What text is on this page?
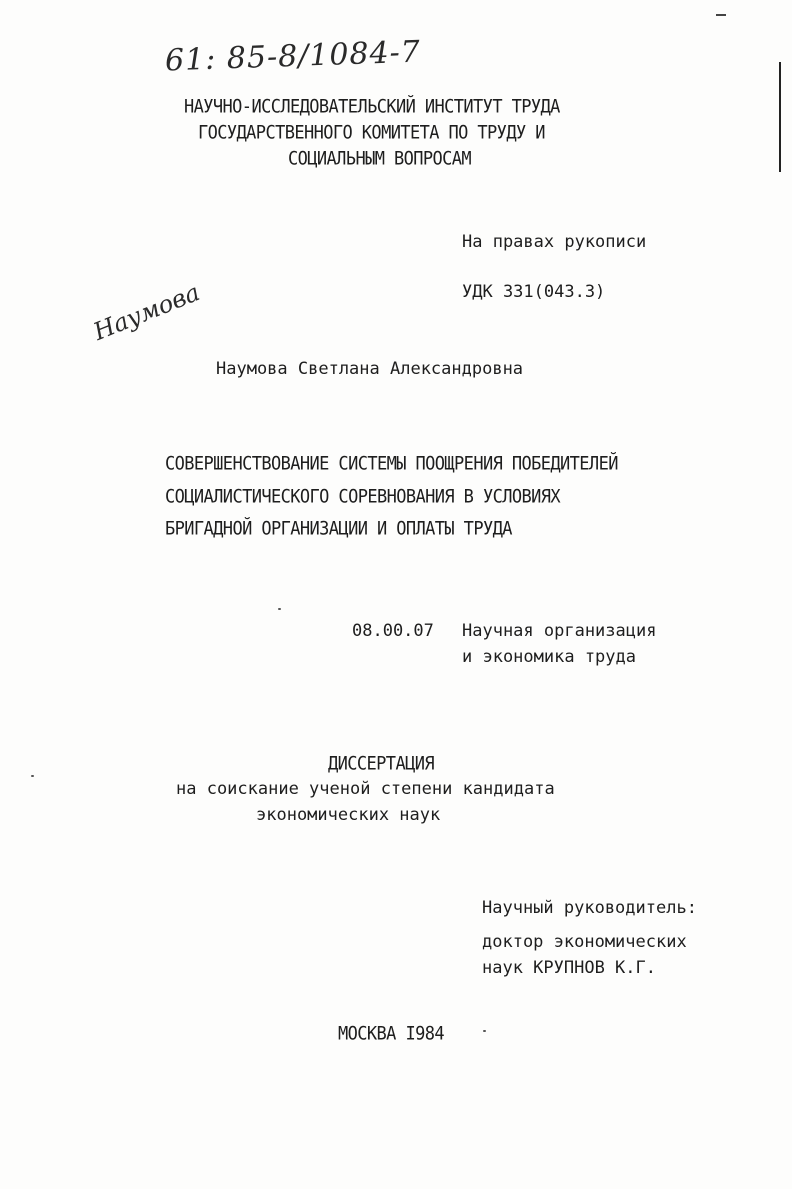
61: 85-8/1084-7
НАУЧНО-ИССЛЕДОВАТЕЛЬСКИЙ ИНСТИТУТ ТРУДА
ГОСУДАРСТВЕННОГО КОМИТЕТА ПО ТРУДУ И
СОЦИАЛЬНЫМ ВОПРОСАМ
На правах рукописи
УДК 331(043.3)
Наумова
Наумова Светлана Александровна
СОВЕРШЕНСТВОВАНИЕ СИСТЕМЫ ПООЩРЕНИЯ ПОБЕДИТЕЛЕЙ
СОЦИАЛИСТИЧЕСКОГО СОРЕВНОВАНИЯ В УСЛОВИЯХ
БРИГАДНОЙ ОРГАНИЗАЦИИ И ОПЛАТЫ ТРУДА
08.00.07 Научная организация
и экономика труда
ДИССЕРТАЦИЯ
на соискание ученой степени кандидата
экономических наук
Научный руководитель:
доктор экономических
наук КРУПНОВ К.Г.
МОСКВА I984
